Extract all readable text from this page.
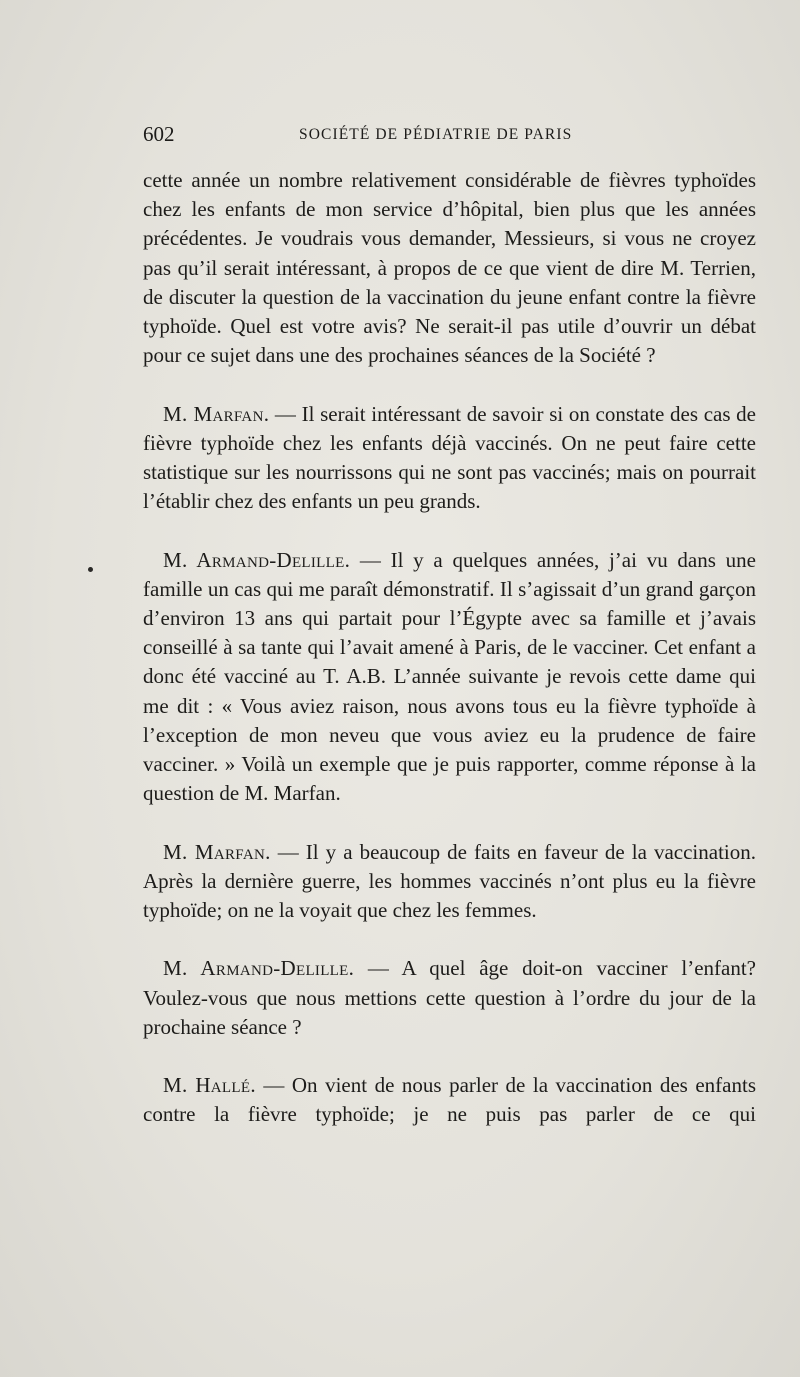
602	SOCIÉTÉ DE PÉDIATRIE DE PARIS

cette année un nombre relativement considérable de fièvres typhoïdes chez les enfants de mon service d’hôpital, bien plus que les années précédentes. Je voudrais vous demander, Messieurs, si vous ne croyez pas qu’il serait intéressant, à propos de ce que vient de dire M. Terrien, de discuter la question de la vaccination du jeune enfant contre la fièvre typhoïde. Quel est votre avis? Ne serait-il pas utile d’ouvrir un débat pour ce sujet dans une des prochaines séances de la Société ?

M. Marfan. — Il serait intéressant de savoir si on constate des cas de fièvre typhoïde chez les enfants déjà vaccinés. On ne peut faire cette statistique sur les nourrissons qui ne sont pas vaccinés; mais on pourrait l’établir chez des enfants un peu grands.

M. Armand-Delille. — Il y a quelques années, j’ai vu dans une famille un cas qui me paraît démonstratif. Il s’agissait d’un grand garçon d’environ 13 ans qui partait pour l’Égypte avec sa famille et j’avais conseillé à sa tante qui l’avait amené à Paris, de le vacciner. Cet enfant a donc été vacciné au T. A.B. L’année suivante je revois cette dame qui me dit : « Vous aviez raison, nous avons tous eu la fièvre typhoïde à l’exception de mon neveu que vous aviez eu la prudence de faire vacciner. » Voilà un exemple que je puis rapporter, comme réponse à la question de M. Marfan.

M. Marfan. — Il y a beaucoup de faits en faveur de la vaccination. Après la dernière guerre, les hommes vaccinés n’ont plus eu la fièvre typhoïde; on ne la voyait que chez les femmes.

M. Armand-Delille. — A quel âge doit-on vacciner l’enfant? Voulez-vous que nous mettions cette question à l’ordre du jour de la prochaine séance ?

M. Hallé. — On vient de nous parler de la vaccination des enfants contre la fièvre typhoïde; je ne puis pas parler de ce qui
